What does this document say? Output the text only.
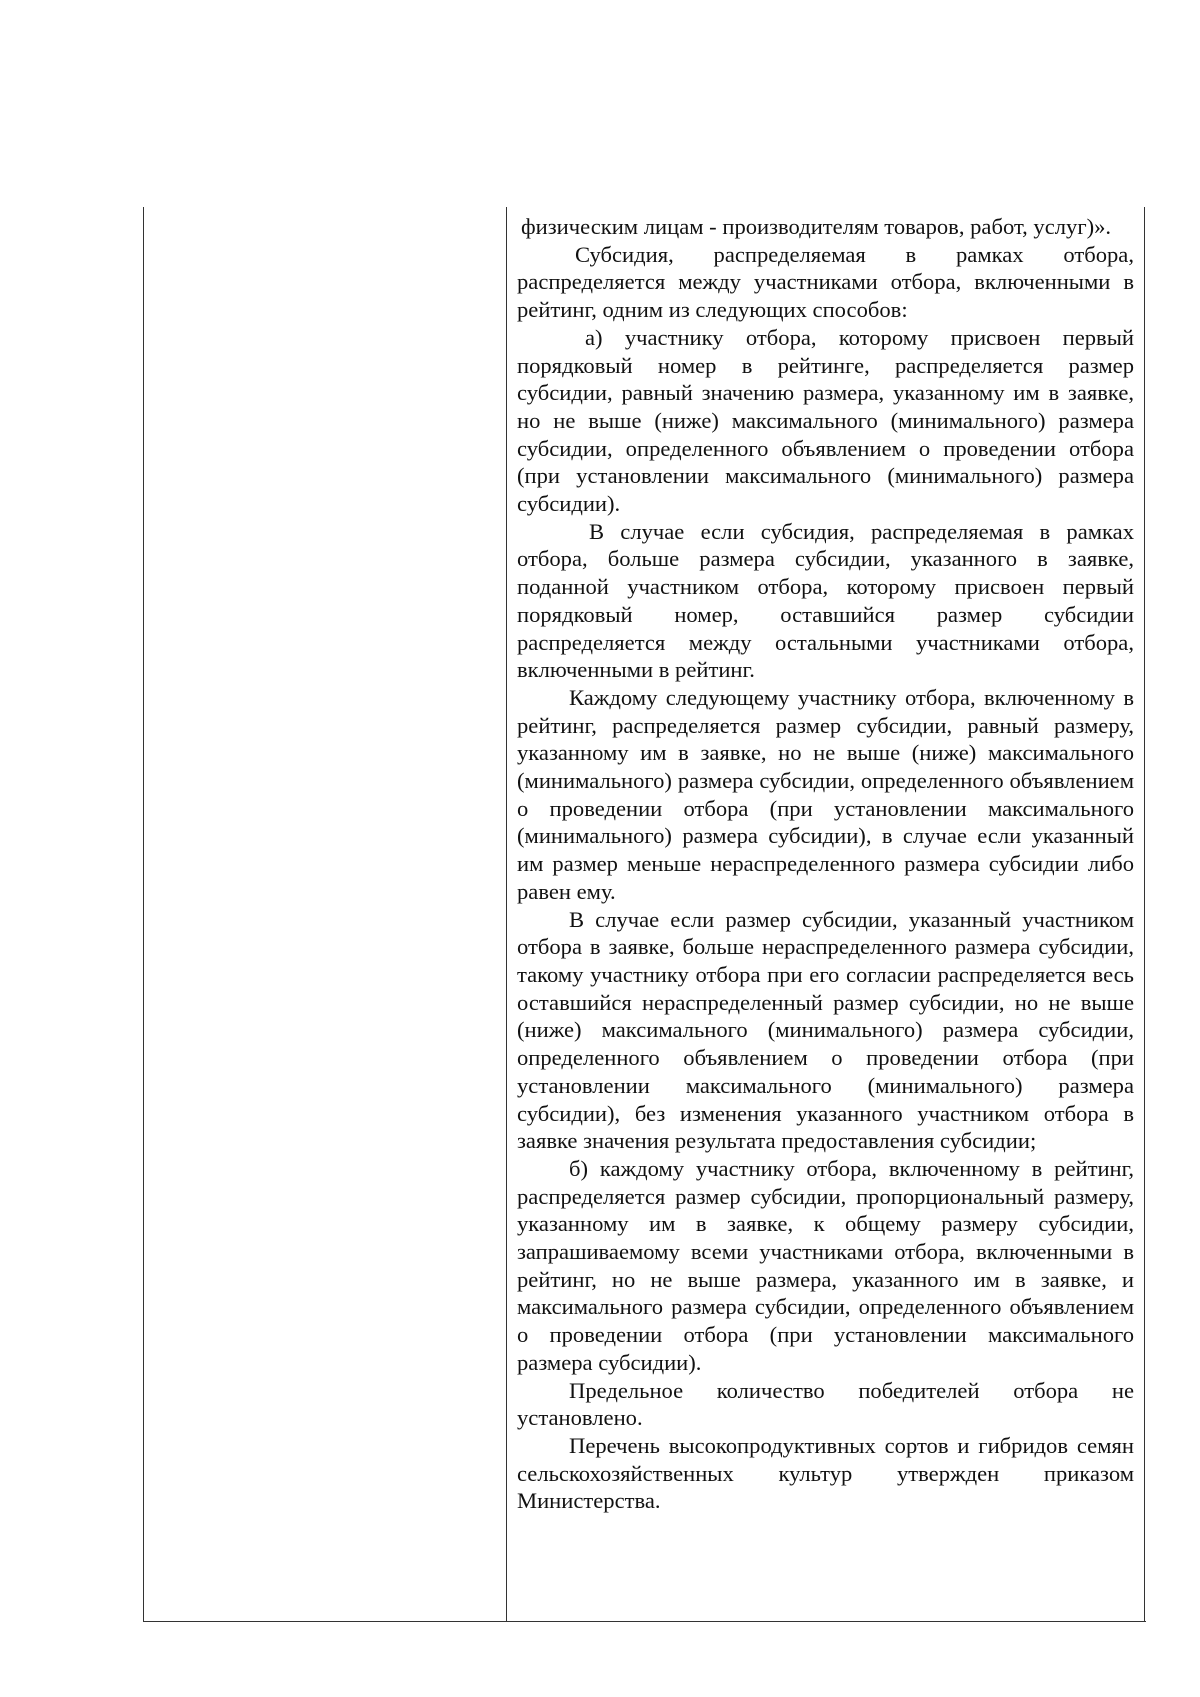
физическим лицам - производителям товаров, работ, услуг)».

Субсидия, распределяемая в рамках отбора, распределяется между участниками отбора, включенными в рейтинг, одним из следующих способов:

а) участнику отбора, которому присвоен первый порядковый номер в рейтинге, распределяется размер субсидии, равный значению размера, указанному им в заявке, но не выше (ниже) максимального (минимального) размера субсидии, определенного объявлением о проведении отбора (при установлении максимального (минимального) размера субсидии).

В случае если субсидия, распределяемая в рамках отбора, больше размера субсидии, указанного в заявке, поданной участником отбора, которому присвоен первый порядковый номер, оставшийся размер субсидии распределяется между остальными участниками отбора, включенными в рейтинг.

Каждому следующему участнику отбора, включенному в рейтинг, распределяется размер субсидии, равный размеру, указанному им в заявке, но не выше (ниже) максимального (минимального) размера субсидии, определенного объявлением о проведении отбора (при установлении максимального (минимального) размера субсидии), в случае если указанный им размер меньше нераспределенного размера субсидии либо равен ему.

В случае если размер субсидии, указанный участником отбора в заявке, больше нераспределенного размера субсидии, такому участнику отбора при его согласии распределяется весь оставшийся нераспределенный размер субсидии, но не выше (ниже) максимального (минимального) размера субсидии, определенного объявлением о проведении отбора (при установлении максимального (минимального) размера субсидии), без изменения указанного участником отбора в заявке значения результата предоставления субсидии;

б) каждому участнику отбора, включенному в рейтинг, распределяется размер субсидии, пропорциональный размеру, указанному им в заявке, к общему размеру субсидии, запрашиваемому всеми участниками отбора, включенными в рейтинг, но не выше размера, указанного им в заявке, и максимального размера субсидии, определенного объявлением о проведении отбора (при установлении максимального размера субсидии).

Предельное количество победителей отбора не установлено.

Перечень высокопродуктивных сортов и гибридов семян сельскохозяйственных культур утвержден приказом Министерства.
